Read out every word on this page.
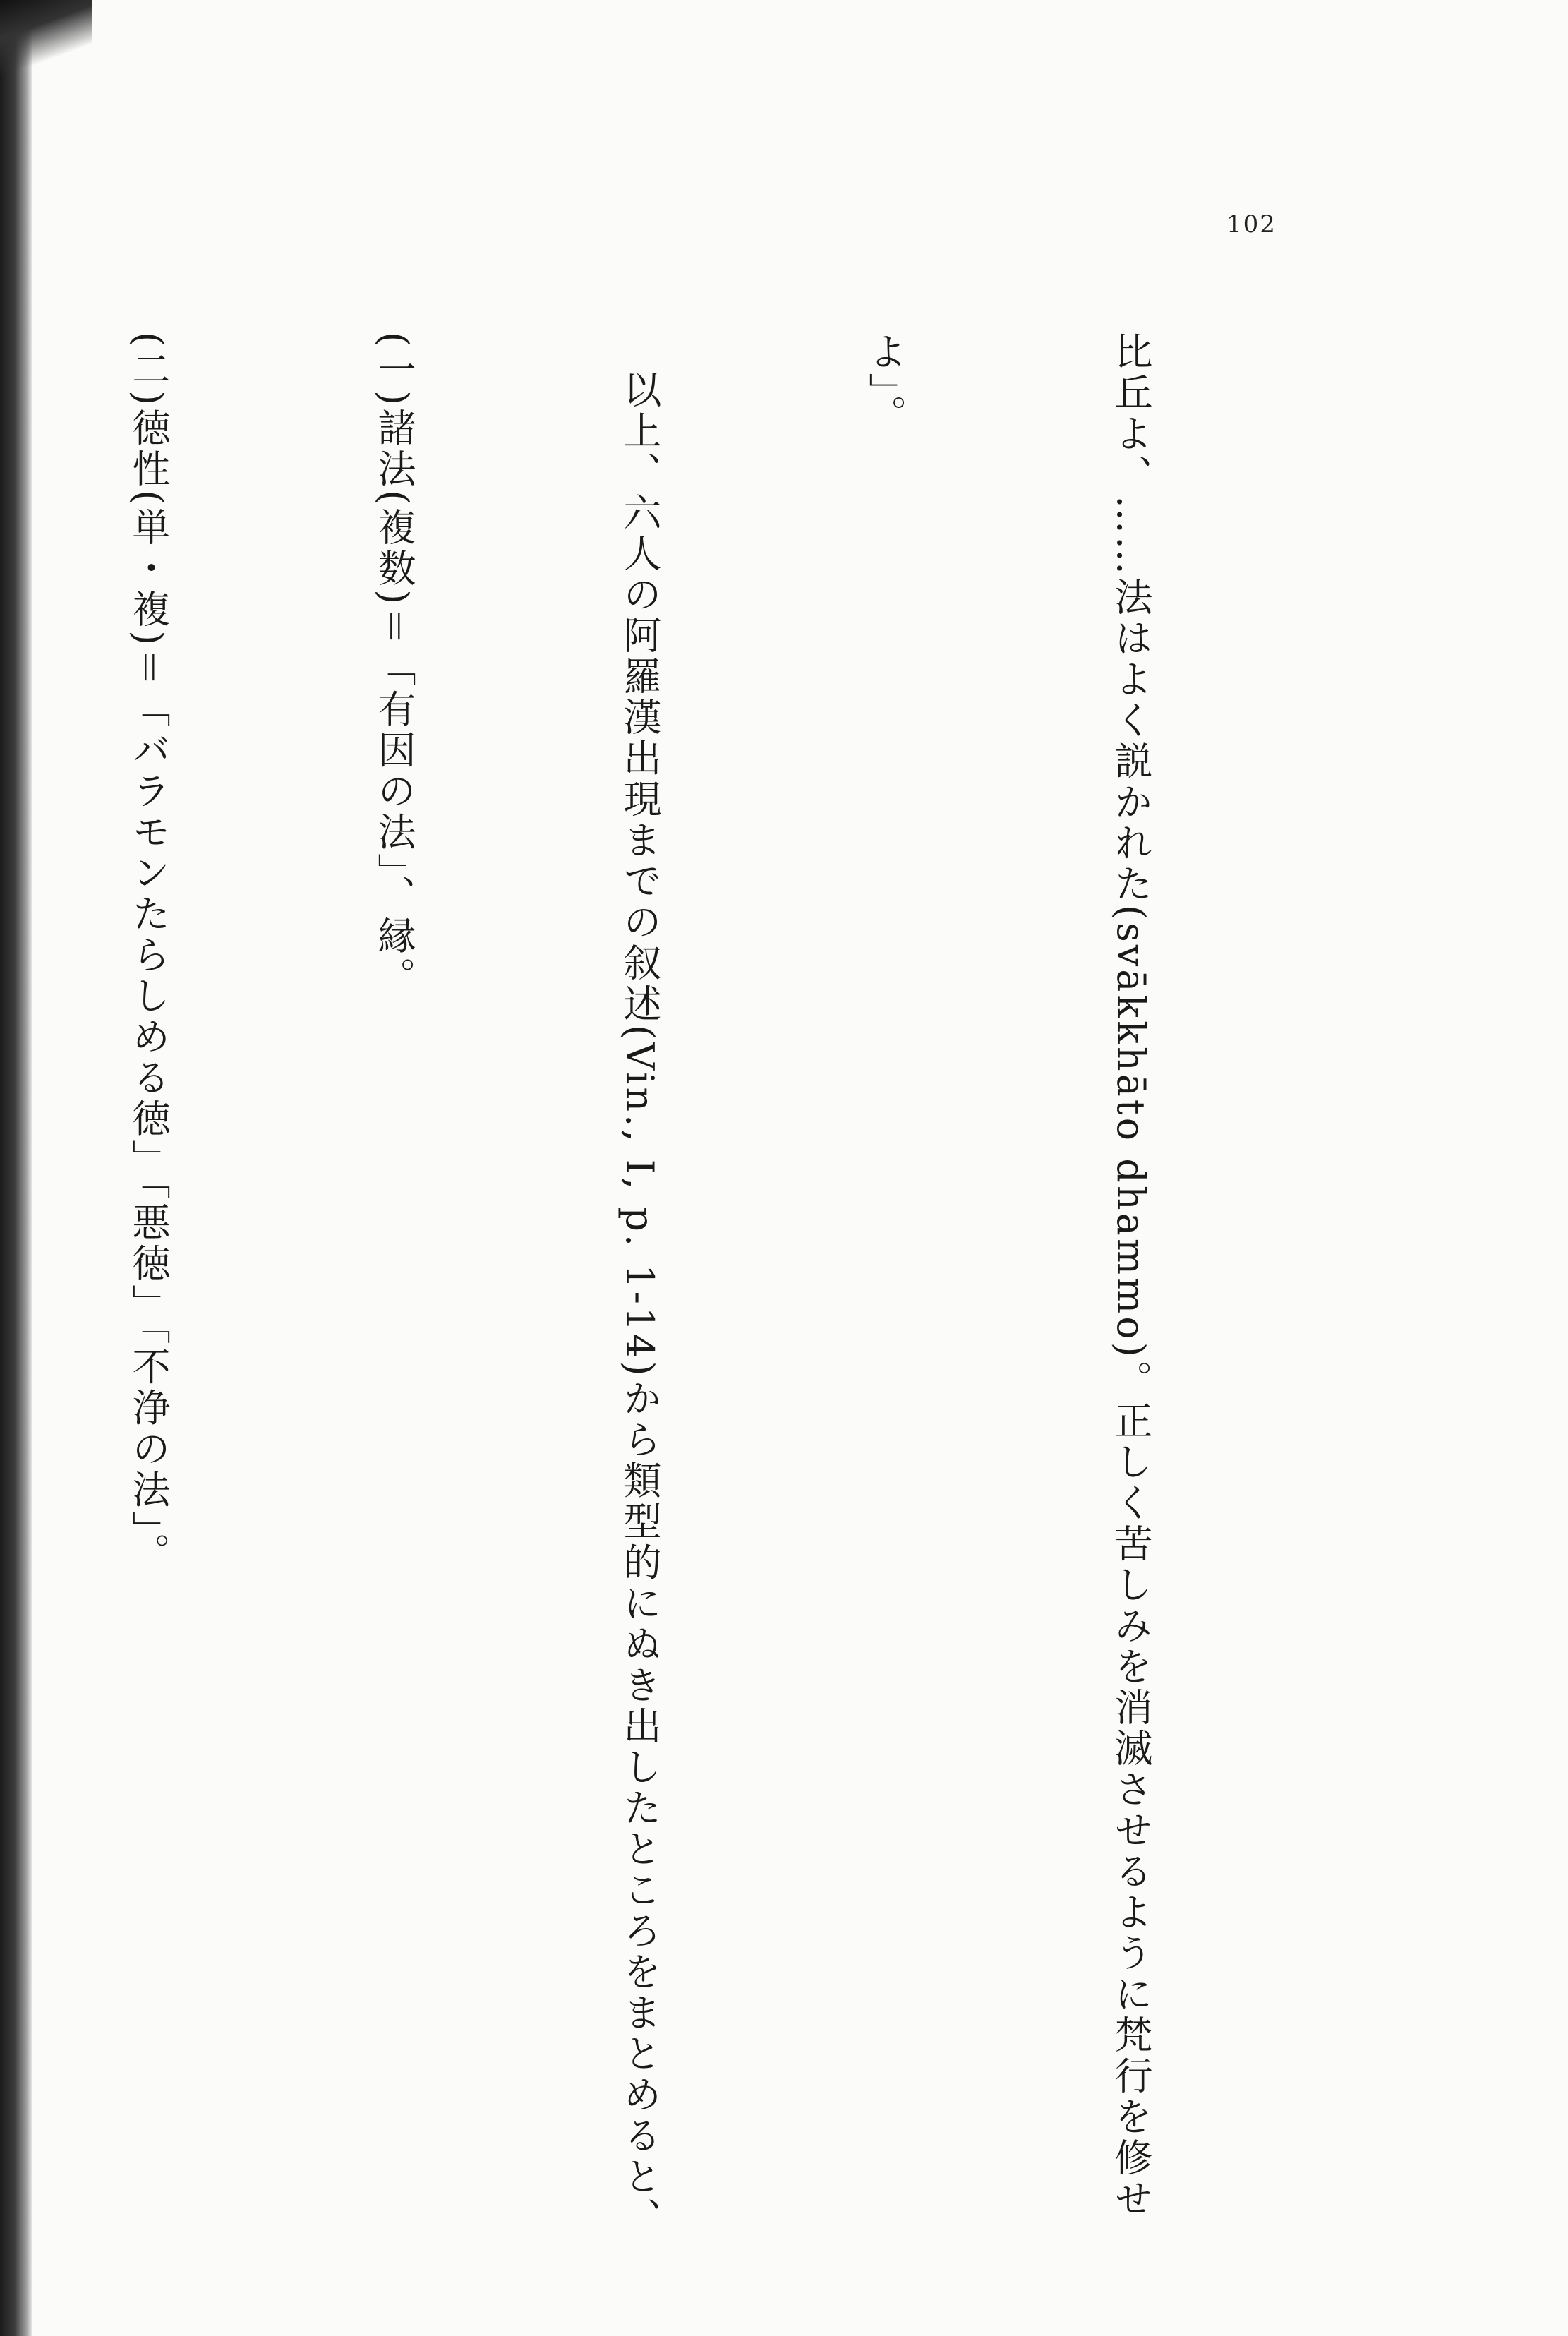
102

比丘よ、……法はよく説かれた(svākkhāto dhammo)。正しく苦しみを消滅させるように梵行を修せ

よ」。

以上、六人の阿羅漢出現までの叙述(Vin., I, p. 1-14)から類型的にぬき出したところをまとめると、

(一)諸法(複数)＝「有因の法」、縁。

(二)徳性(単・複)＝「バラモンたらしめる徳」「悪徳」「不浄の法」。
